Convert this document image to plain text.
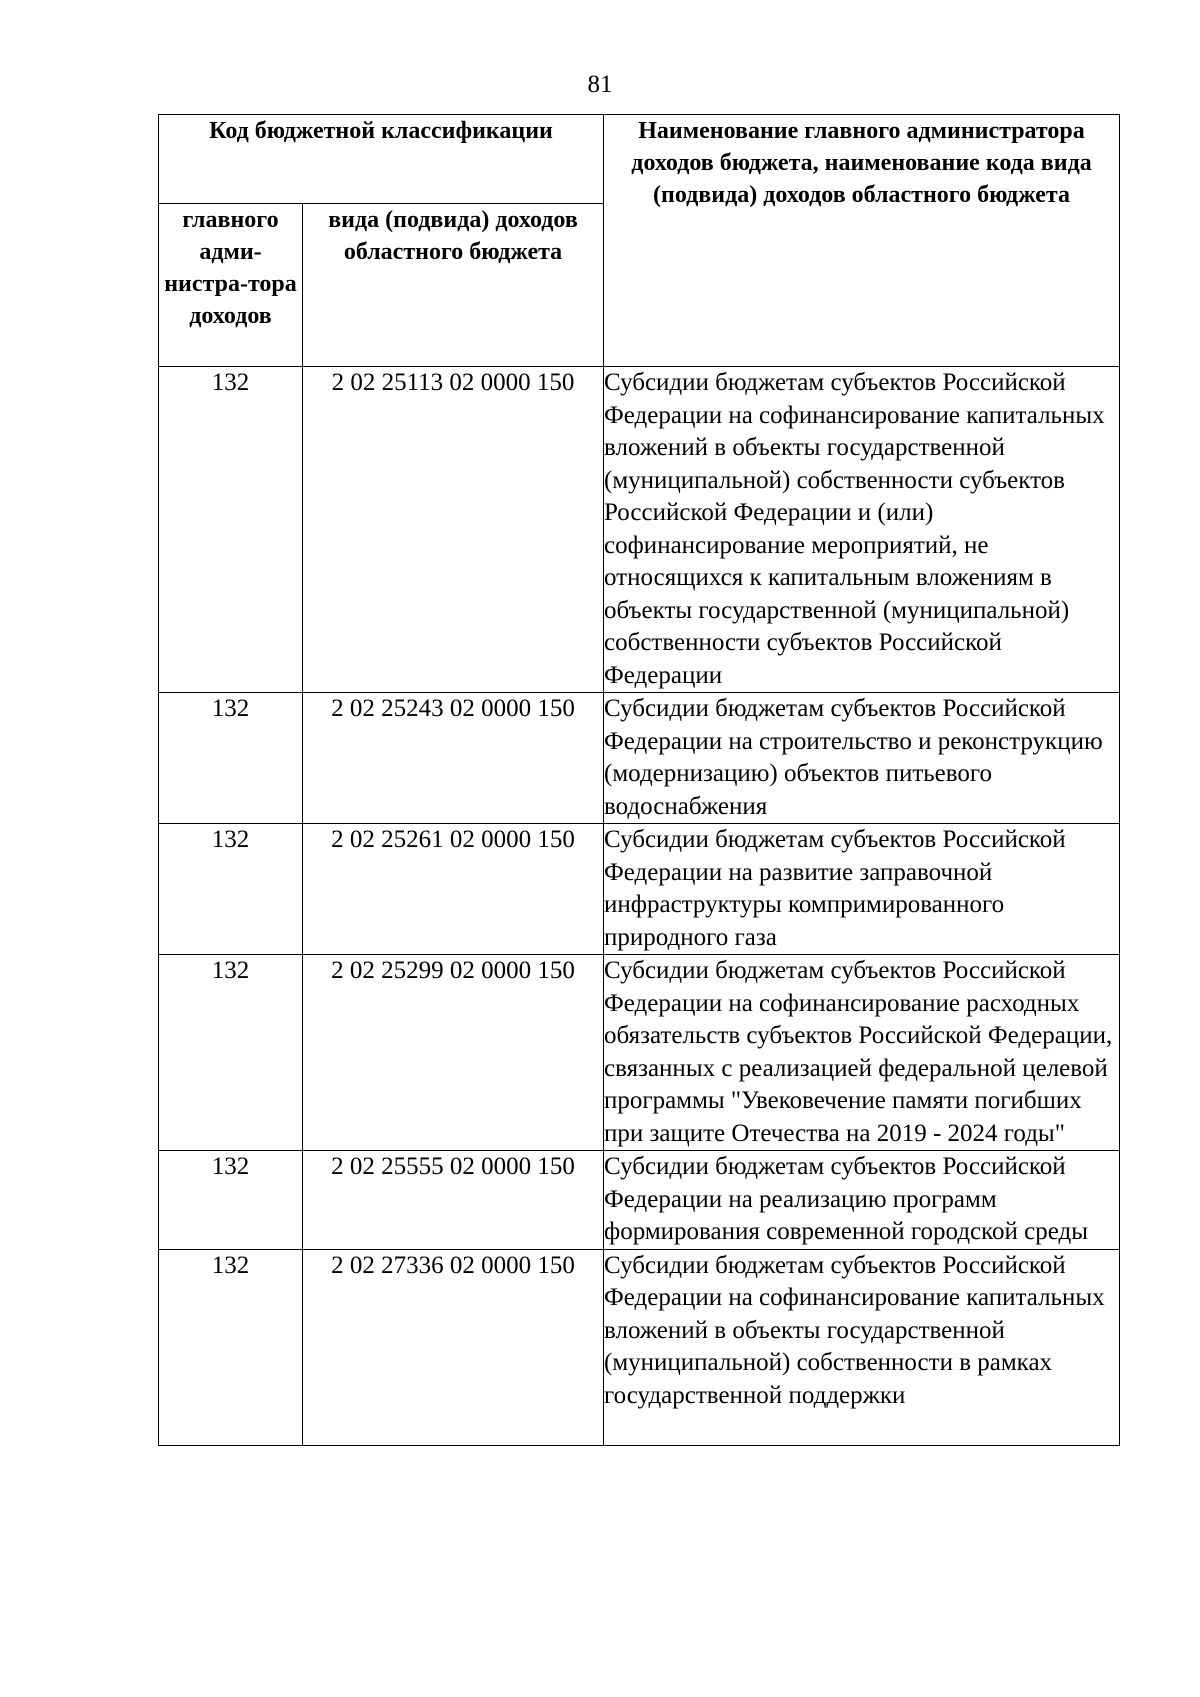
81
Код бюджетной классификации		Наименование главного администратора доходов бюджета, наименование кода вида (подвида) доходов областного бюджета
главного адми-нистра-тора доходов	вида (подвида) доходов областного бюджета	
132	2 02 25113 02 0000 150	Субсидии бюджетам субъектов Российской Федерации на софинансирование капитальных вложений в объекты государственной (муниципальной) собственности субъектов Российской Федерации и (или) софинансирование мероприятий, не относящихся к капитальным вложениям в объекты государственной (муниципальной) собственности субъектов Российской Федерации
132	2 02 25243 02 0000 150	Субсидии бюджетам субъектов Российской Федерации на строительство и реконструкцию (модернизацию) объектов питьевого водоснабжения
132	2 02 25261 02 0000 150	Субсидии бюджетам субъектов Российской Федерации на развитие заправочной инфраструктуры компримированного природного газа
132	2 02 25299 02 0000 150	Субсидии бюджетам субъектов Российской Федерации на софинансирование расходных обязательств субъектов Российской Федерации, связанных с реализацией федеральной целевой программы "Увековечение памяти погибших при защите Отечества на 2019 - 2024 годы"
132	2 02 25555 02 0000 150	Субсидии бюджетам субъектов Российской Федерации на реализацию программ формирования современной городской среды
132	2 02 27336 02 0000 150	Субсидии бюджетам субъектов Российской Федерации на софинансирование капитальных вложений в объекты государственной (муниципальной) собственности в рамках государственной поддержки
